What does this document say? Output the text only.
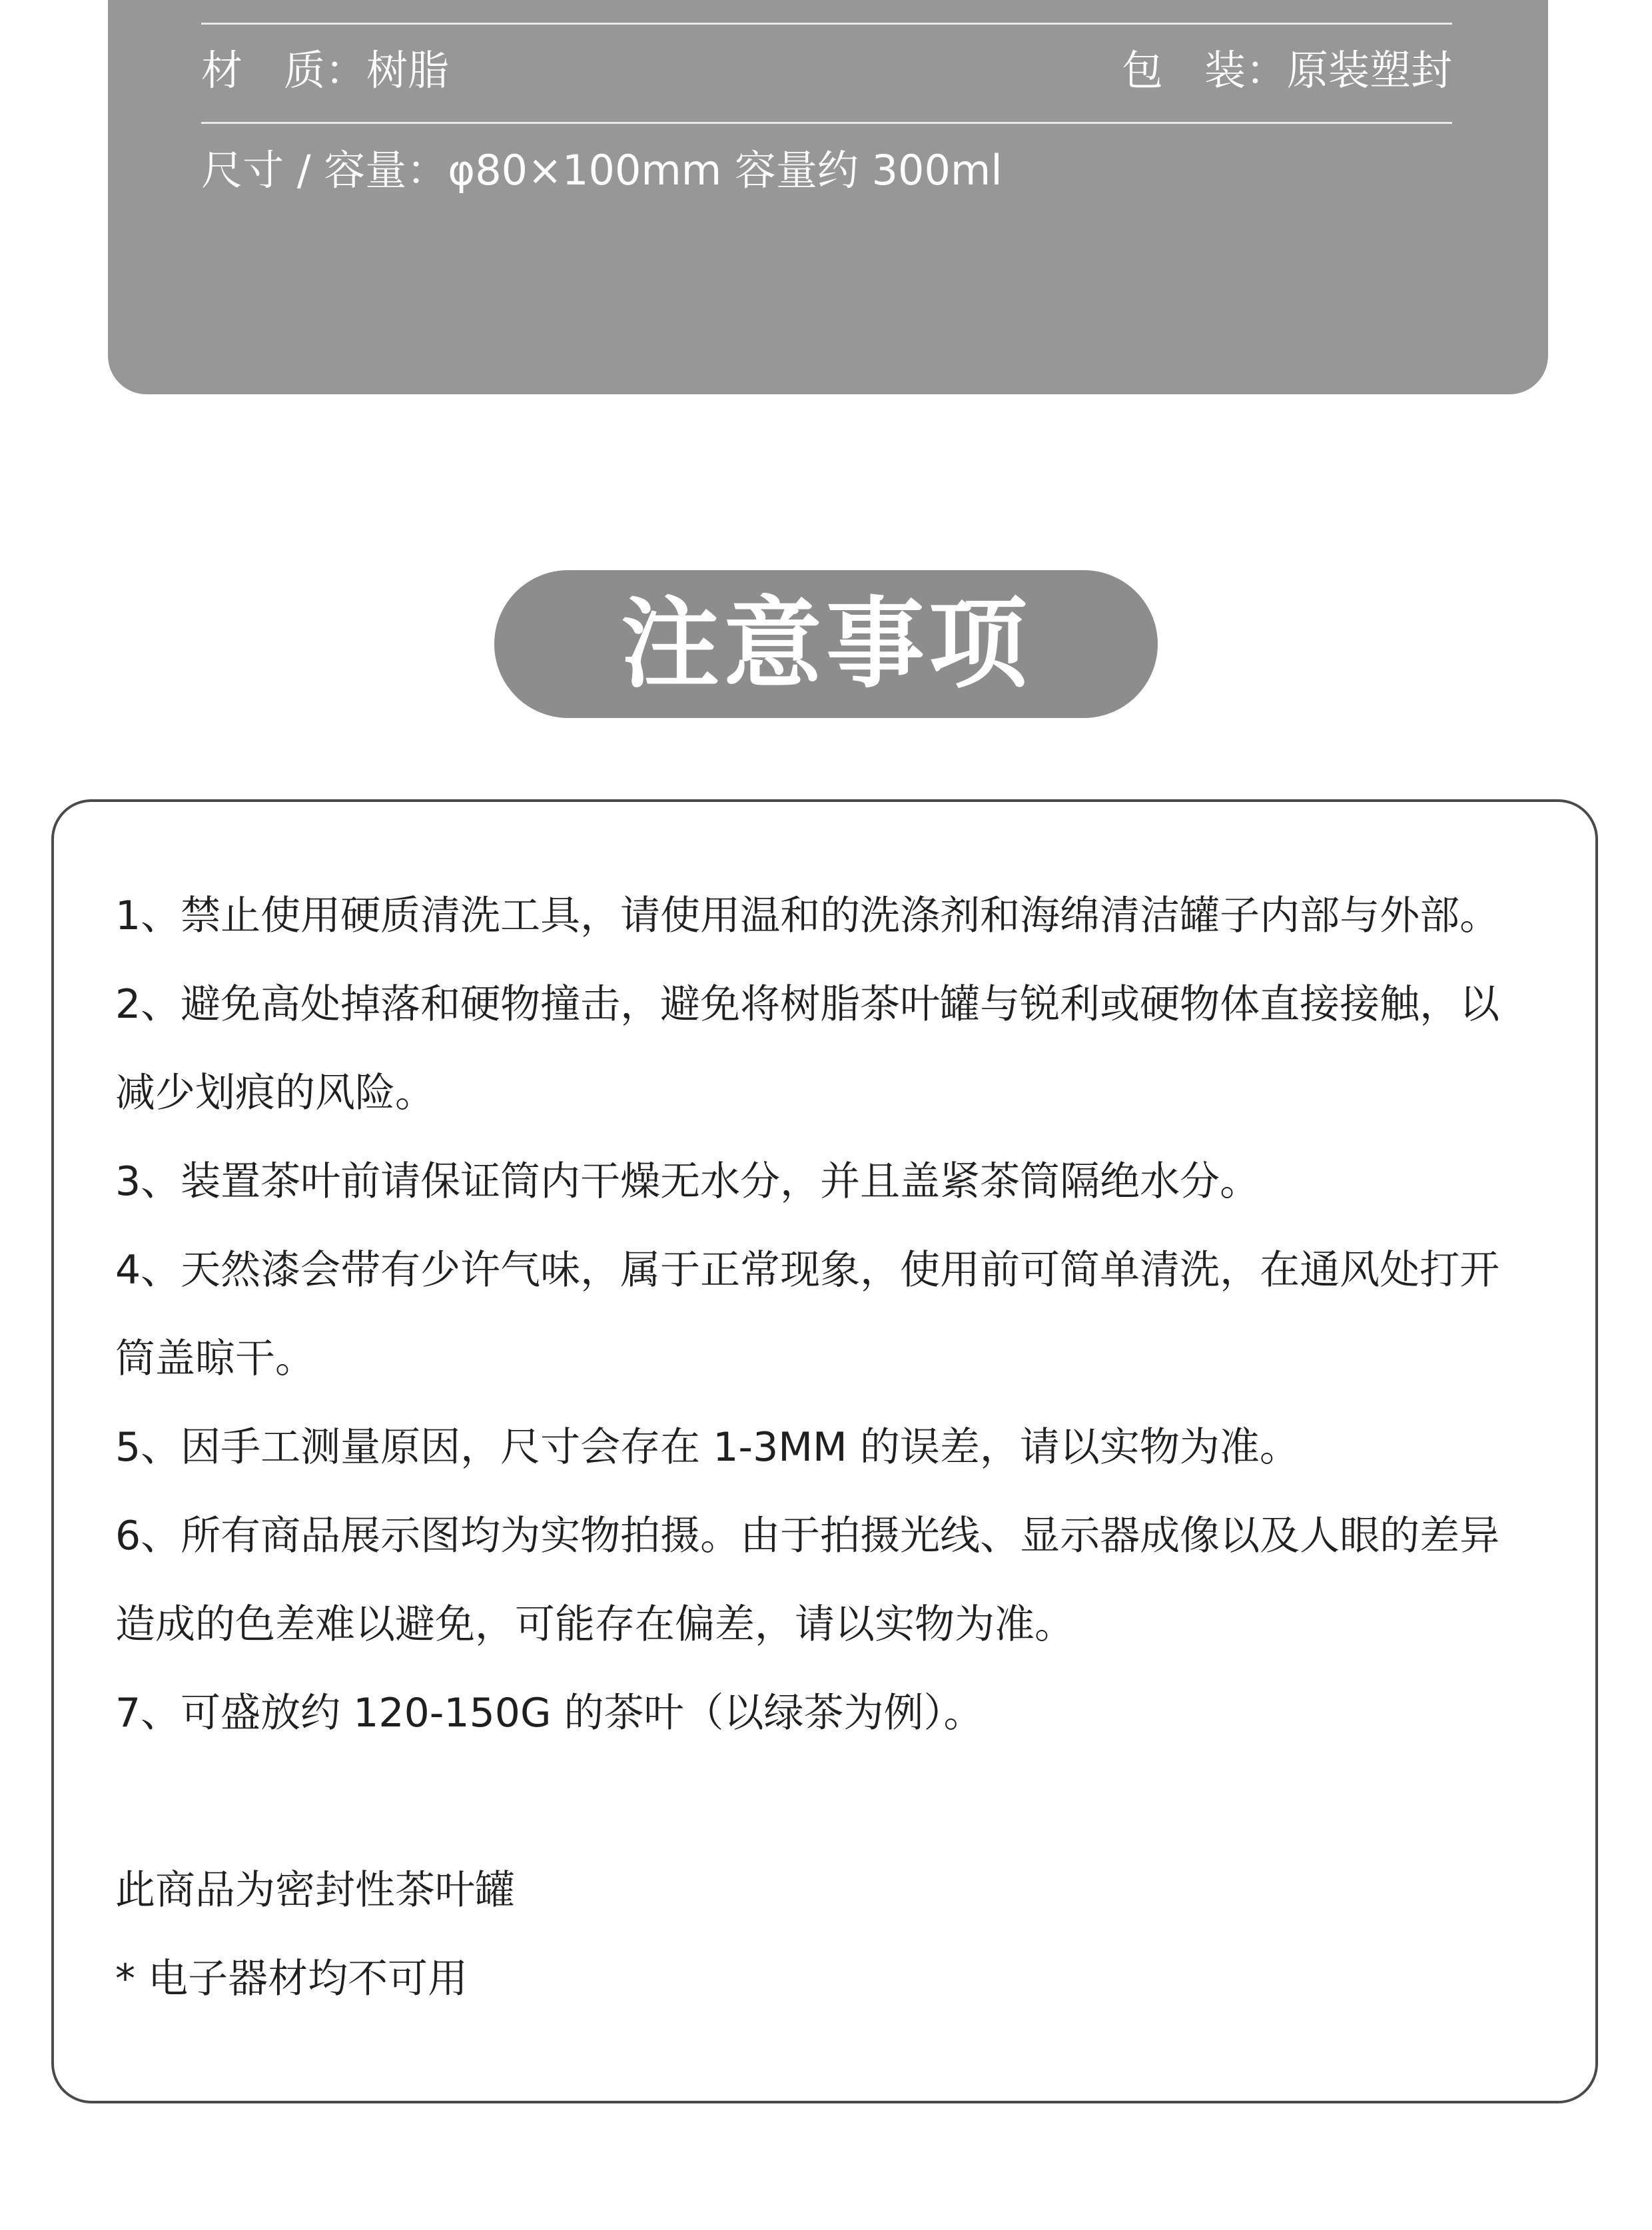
材　质：树脂	包　装：原装塑封
尺寸 / 容量：φ80×100mm 容量约 300ml
注意事项
1、禁止使用硬质清洗工具，请使用温和的洗涤剂和海绵清洁罐子内部与外部。
2、避免高处掉落和硬物撞击，避免将树脂茶叶罐与锐利或硬物体直接接触，以
减少划痕的风险。
3、装置茶叶前请保证筒内干燥无水分，并且盖紧茶筒隔绝水分。
4、天然漆会带有少许气味，属于正常现象，使用前可简单清洗，在通风处打开
筒盖晾干。
5、因手工测量原因，尺寸会存在 1-3MM 的误差，请以实物为准。
6、所有商品展示图均为实物拍摄。由于拍摄光线、显示器成像以及人眼的差异
造成的色差难以避免，可能存在偏差，请以实物为准。
7、可盛放约 120-150G 的茶叶（以绿茶为例）。
此商品为密封性茶叶罐
* 电子器材均不可用
